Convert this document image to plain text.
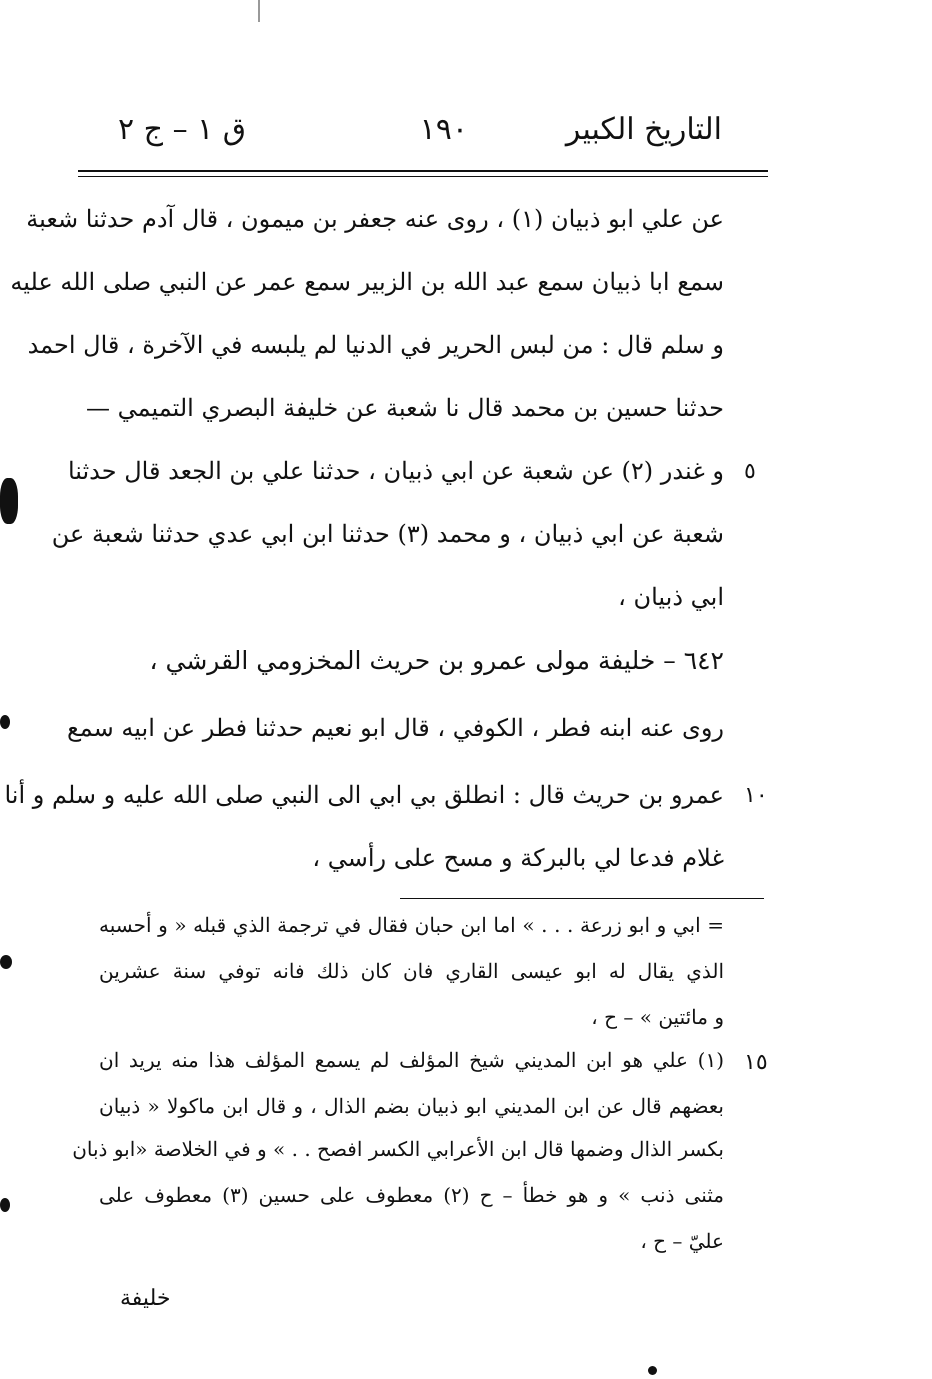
التاريخ الكبير
١٩٠
ق ١ – ج ٢
عن علي ابو ذبيان (١) ، روى عنه جعفر بن ميمون ، قال آدم حدثنا شعبة
سمع ابا ذبيان سمع عبد الله بن الزبير سمع عمر عن النبي صلى الله عليه
و سلم قال : من لبس الحرير في الدنيا لم يلبسه في الآخرة ، قال احمد
حدثنا حسين بن محمد قال نا شعبة عن خليفة البصري التميمي —
و غندر (٢) عن شعبة عن ابي ذبيان ، حدثنا علي بن الجعد قال حدثنا ٥
شعبة عن ابي ذبيان ، و محمد (٣) حدثنا ابن ابي عدي حدثنا شعبة عن
ابي ذبيان ،
٦٤٢ – خليفة مولى عمرو بن حريث المخزومي القرشي ،
روى عنه ابنه فطر ، الكوفي ، قال ابو نعيم حدثنا فطر عن ابيه سمع
عمرو بن حريث قال : انطلق بي ابي الى النبي صلى الله عليه و سلم و أنا ١٠
غلام فدعا لي بالبركة و مسح على رأسي ،
= ابي و ابو زرعة . . . » اما ابن حبان فقال في ترجمة الذي قبله « و أحسبه
الذي يقال له ابو عيسى القاري فان كان ذلك فانه توفي سنة عشرين
و مائتين » – ح ،
(١) علي هو ابن المديني شيخ المؤلف لم يسمع المؤلف هذا منه يريد ان ١٥
بعضهم قال عن ابن المديني ابو ذبيان بضم الذال ، و قال ابن ماكولا « ذبيان
بكسر الذال وضمها قال ابن الأعرابي الكسر افصح . . » و في الخلاصة «ابو ذبان
مثنى ذنب » و هو خطأ – ح (٢) معطوف على حسين (٣) معطوف على
عليّ – ح ،
خليفة
